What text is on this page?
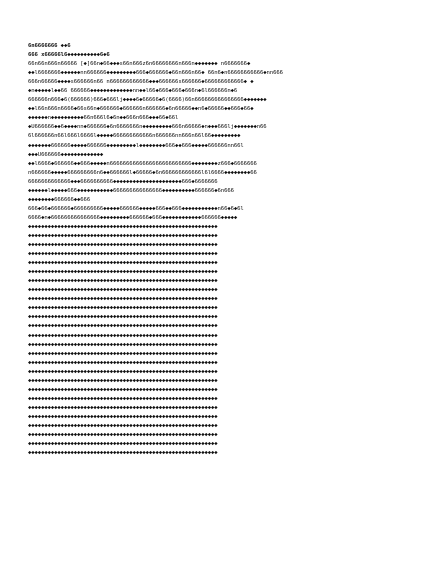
6n6666666 ◆◆6
666 x66666l6◆◆◆◆◆◆◆◆◆◆6◆6
66n66n666n66666 [◆]66n◆66◆◆◆s66n666z6n66666666n666n◆◆◆◆◆◆◆ n6666666◆
◆◆l6666666◆◆◆◆◆◆nn666666◆◆◆◆◆◆◆◆◆666◆666666◆66n666n66◆ 66n6◆n66666666666◆nn666
666n66666◆◆◆◆s666666n66 n666666666666◆◆◆666666s666666◆666666666666◆ ◆
◆n◆◆◆◆◆l◆◆66 666666◆◆◆◆◆◆◆◆◆◆◆◆◆nn◆◆l66◆666◆666◆666n◆6l666666n◆6
666666n666◆6(666666)666◆666lj◆◆◆◆6◆66666◆6(6666)66n666666666666666◆◆◆◆◆◆◆
◆◆l66n666n6666◆66s66n◆666666◆666666n666666◆6n66666◆◆n6◆66666◆◆666◆66◆
◆◆◆◆◆◆n◆◆◆◆◆◆◆◆◆◆66n666l6◆6n◆◆666n666◆◆◆66◆66l
◆U666666◆◆6◆◆◆◆nn◆666666◆6n6666666n◆◆◆◆◆◆◆◆◆666n66666◆n◆◆◆666lj◆◆◆◆◆◆◆n66
6l666666n66l666l6666l◆◆◆◆◆666666666666n666666nn666n66l66◆◆◆◆◆◆◆◆◆
◆◆◆◆◆◆◆666666◆◆◆◆◆666666◆◆◆◆◆◆◆◆◆l◆◆◆◆◆◆◆◆666◆◆666◆◆◆◆◆666666nn66l
◆◆◆U666666◆◆◆◆◆◆◆◆◆◆◆◆◆
◆◆l6666◆666666◆◆666◆◆◆◆◆n6666666666666666666666666◆◆◆◆◆◆◆◆z666◆6666666
n666666◆◆◆◆◆666666666n6◆◆666666l◆66666◆6n666666666666l6l6666◆◆◆◆◆◆◆◆66
6666666666666◆◆◆6666666666◆◆◆◆◆◆◆◆◆◆◆◆◆◆◆◆◆◆◆◆◆666◆6666666
◆◆◆◆◆◆l◆◆◆◆◆666◆◆◆◆◆◆◆◆◆◆◆666666666666666◆◆◆◆◆◆◆◆◆◆666666◆6n666
◆◆◆◆◆◆◆◆666666◆◆666
666◆66◆666666◆666666666◆◆◆◆◆666666◆◆◆◆◆666◆◆666◆◆◆◆◆◆◆◆◆◆◆n66◆6◆6l
6666◆n◆666666666666666◆◆◆◆◆◆◆◆◆666666◆666◆◆◆◆◆◆◆◆◆◆◆◆666666◆◆◆◆◆
◆◆◆◆◆◆◆◆◆◆◆◆◆◆◆◆◆◆◆◆◆◆◆◆◆◆◆◆◆◆◆◆◆◆◆◆◆◆◆◆◆◆◆◆◆◆◆◆◆◆◆◆◆◆◆◆◆◆
◆◆◆◆◆◆◆◆◆◆◆◆◆◆◆◆◆◆◆◆◆◆◆◆◆◆◆◆◆◆◆◆◆◆◆◆◆◆◆◆◆◆◆◆◆◆◆◆◆◆◆◆◆◆◆◆◆◆
◆◆◆◆◆◆◆◆◆◆◆◆◆◆◆◆◆◆◆◆◆◆◆◆◆◆◆◆◆◆◆◆◆◆◆◆◆◆◆◆◆◆◆◆◆◆◆◆◆◆◆◆◆◆◆◆◆◆
◆◆◆◆◆◆◆◆◆◆◆◆◆◆◆◆◆◆◆◆◆◆◆◆◆◆◆◆◆◆◆◆◆◆◆◆◆◆◆◆◆◆◆◆◆◆◆◆◆◆◆◆◆◆◆◆◆◆
◆◆◆◆◆◆◆◆◆◆◆◆◆◆◆◆◆◆◆◆◆◆◆◆◆◆◆◆◆◆◆◆◆◆◆◆◆◆◆◆◆◆◆◆◆◆◆◆◆◆◆◆◆◆◆◆◆◆
◆◆◆◆◆◆◆◆◆◆◆◆◆◆◆◆◆◆◆◆◆◆◆◆◆◆◆◆◆◆◆◆◆◆◆◆◆◆◆◆◆◆◆◆◆◆◆◆◆◆◆◆◆◆◆◆◆◆
◆◆◆◆◆◆◆◆◆◆◆◆◆◆◆◆◆◆◆◆◆◆◆◆◆◆◆◆◆◆◆◆◆◆◆◆◆◆◆◆◆◆◆◆◆◆◆◆◆◆◆◆◆◆◆◆◆◆
◆◆◆◆◆◆◆◆◆◆◆◆◆◆◆◆◆◆◆◆◆◆◆◆◆◆◆◆◆◆◆◆◆◆◆◆◆◆◆◆◆◆◆◆◆◆◆◆◆◆◆◆◆◆◆◆◆◆
◆◆◆◆◆◆◆◆◆◆◆◆◆◆◆◆◆◆◆◆◆◆◆◆◆◆◆◆◆◆◆◆◆◆◆◆◆◆◆◆◆◆◆◆◆◆◆◆◆◆◆◆◆◆◆◆◆◆
◆◆◆◆◆◆◆◆◆◆◆◆◆◆◆◆◆◆◆◆◆◆◆◆◆◆◆◆◆◆◆◆◆◆◆◆◆◆◆◆◆◆◆◆◆◆◆◆◆◆◆◆◆◆◆◆◆◆
◆◆◆◆◆◆◆◆◆◆◆◆◆◆◆◆◆◆◆◆◆◆◆◆◆◆◆◆◆◆◆◆◆◆◆◆◆◆◆◆◆◆◆◆◆◆◆◆◆◆◆◆◆◆◆◆◆◆
◆◆◆◆◆◆◆◆◆◆◆◆◆◆◆◆◆◆◆◆◆◆◆◆◆◆◆◆◆◆◆◆◆◆◆◆◆◆◆◆◆◆◆◆◆◆◆◆◆◆◆◆◆◆◆◆◆◆
◆◆◆◆◆◆◆◆◆◆◆◆◆◆◆◆◆◆◆◆◆◆◆◆◆◆◆◆◆◆◆◆◆◆◆◆◆◆◆◆◆◆◆◆◆◆◆◆◆◆◆◆◆◆◆◆◆◆
◆◆◆◆◆◆◆◆◆◆◆◆◆◆◆◆◆◆◆◆◆◆◆◆◆◆◆◆◆◆◆◆◆◆◆◆◆◆◆◆◆◆◆◆◆◆◆◆◆◆◆◆◆◆◆◆◆◆
◆◆◆◆◆◆◆◆◆◆◆◆◆◆◆◆◆◆◆◆◆◆◆◆◆◆◆◆◆◆◆◆◆◆◆◆◆◆◆◆◆◆◆◆◆◆◆◆◆◆◆◆◆◆◆◆◆◆
◆◆◆◆◆◆◆◆◆◆◆◆◆◆◆◆◆◆◆◆◆◆◆◆◆◆◆◆◆◆◆◆◆◆◆◆◆◆◆◆◆◆◆◆◆◆◆◆◆◆◆◆◆◆◆◆◆◆
◆◆◆◆◆◆◆◆◆◆◆◆◆◆◆◆◆◆◆◆◆◆◆◆◆◆◆◆◆◆◆◆◆◆◆◆◆◆◆◆◆◆◆◆◆◆◆◆◆◆◆◆◆◆◆◆◆◆
◆◆◆◆◆◆◆◆◆◆◆◆◆◆◆◆◆◆◆◆◆◆◆◆◆◆◆◆◆◆◆◆◆◆◆◆◆◆◆◆◆◆◆◆◆◆◆◆◆◆◆◆◆◆◆◆◆◆
◆◆◆◆◆◆◆◆◆◆◆◆◆◆◆◆◆◆◆◆◆◆◆◆◆◆◆◆◆◆◆◆◆◆◆◆◆◆◆◆◆◆◆◆◆◆◆◆◆◆◆◆◆◆◆◆◆◆
◆◆◆◆◆◆◆◆◆◆◆◆◆◆◆◆◆◆◆◆◆◆◆◆◆◆◆◆◆◆◆◆◆◆◆◆◆◆◆◆◆◆◆◆◆◆◆◆◆◆◆◆◆◆◆◆◆◆
◆◆◆◆◆◆◆◆◆◆◆◆◆◆◆◆◆◆◆◆◆◆◆◆◆◆◆◆◆◆◆◆◆◆◆◆◆◆◆◆◆◆◆◆◆◆◆◆◆◆◆◆◆◆◆◆◆◆
◆◆◆◆◆◆◆◆◆◆◆◆◆◆◆◆◆◆◆◆◆◆◆◆◆◆◆◆◆◆◆◆◆◆◆◆◆◆◆◆◆◆◆◆◆◆◆◆◆◆◆◆◆◆◆◆◆◆
◆◆◆◆◆◆◆◆◆◆◆◆◆◆◆◆◆◆◆◆◆◆◆◆◆◆◆◆◆◆◆◆◆◆◆◆◆◆◆◆◆◆◆◆◆◆◆◆◆◆◆◆◆◆◆◆◆◆
◆◆◆◆◆◆◆◆◆◆◆◆◆◆◆◆◆◆◆◆◆◆◆◆◆◆◆◆◆◆◆◆◆◆◆◆◆◆◆◆◆◆◆◆◆◆◆◆◆◆◆◆◆◆◆◆◆◆
◆◆◆◆◆◆◆◆◆◆◆◆◆◆◆◆◆◆◆◆◆◆◆◆◆◆◆◆◆◆◆◆◆◆◆◆◆◆◆◆◆◆◆◆◆◆◆◆◆◆◆◆◆◆◆◆◆◆
◆◆◆◆◆◆◆◆◆◆◆◆◆◆◆◆◆◆◆◆◆◆◆◆◆◆◆◆◆◆◆◆◆◆◆◆◆◆◆◆◆◆◆◆◆◆◆◆◆◆◆◆◆◆◆◆◆◆
